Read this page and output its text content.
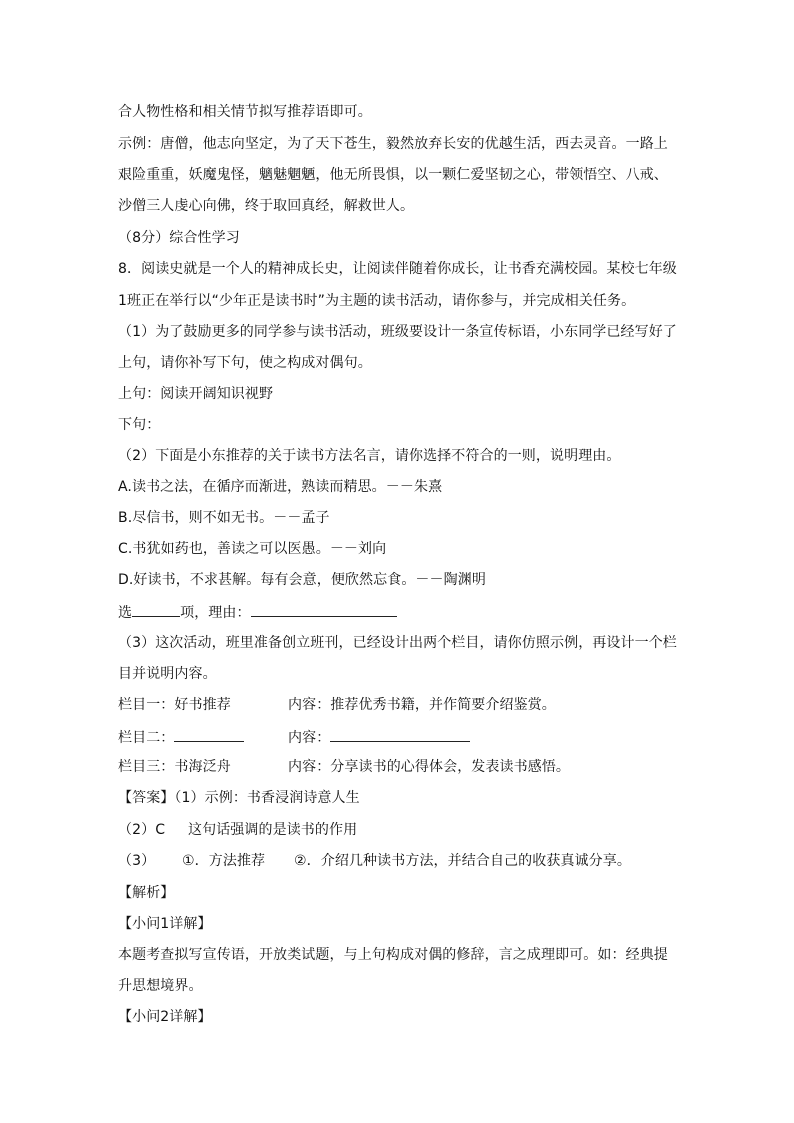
合人物性格和相关情节拟写推荐语即可。
示例：唐僧，他志向坚定，为了天下苍生，毅然放弃长安的优越生活，西去灵音。一路上
艰险重重，妖魔鬼怪，魑魅魍魉，他无所畏惧，以一颗仁爱坚韧之心，带领悟空、八戒、
沙僧三人虔心向佛，终于取回真经，解救世人。
（8分）综合性学习
8．阅读史就是一个人的精神成长史，让阅读伴随着你成长，让书香充满校园。某校七年级
1班正在举行以“少年正是读书时”为主题的读书活动，请你参与，并完成相关任务。
（1）为了鼓励更多的同学参与读书活动，班级要设计一条宣传标语，小东同学已经写好了
上句，请你补写下句，使之构成对偶句。
上句：阅读开阔知识视野
下句：
（2）下面是小东推荐的关于读书方法名言，请你选择不符合的一则，说明理由。
A.读书之法，在循序而渐进，熟读而精思。－－朱熹
B.尽信书，则不如无书。－－孟子
C.书犹如药也，善读之可以医愚。－－刘向
D.好读书，不求甚解。每有会意，便欣然忘食。－－陶渊明
选	项，理由：
（3）这次活动，班里准备创立班刊，已经设计出两个栏目，请你仿照示例，再设计一个栏
目并说明内容。
栏目一：好书推荐	内容：推荐优秀书籍，并作简要介绍鉴赏。
栏目二：	内容：
栏目三：书海泛舟	内容：分享读书的心得体会，发表读书感悟。
【答案】（1）示例：书香浸润诗意人生
（2）C 这句话强调的是读书的作用
（3） ①．方法推荐 ②．介绍几种读书方法，并结合自己的收获真诚分享。
【解析】
【小问1详解】
本题考查拟写宣传语，开放类试题，与上句构成对偶的修辞，言之成理即可。如：经典提
升思想境界。
【小问2详解】
